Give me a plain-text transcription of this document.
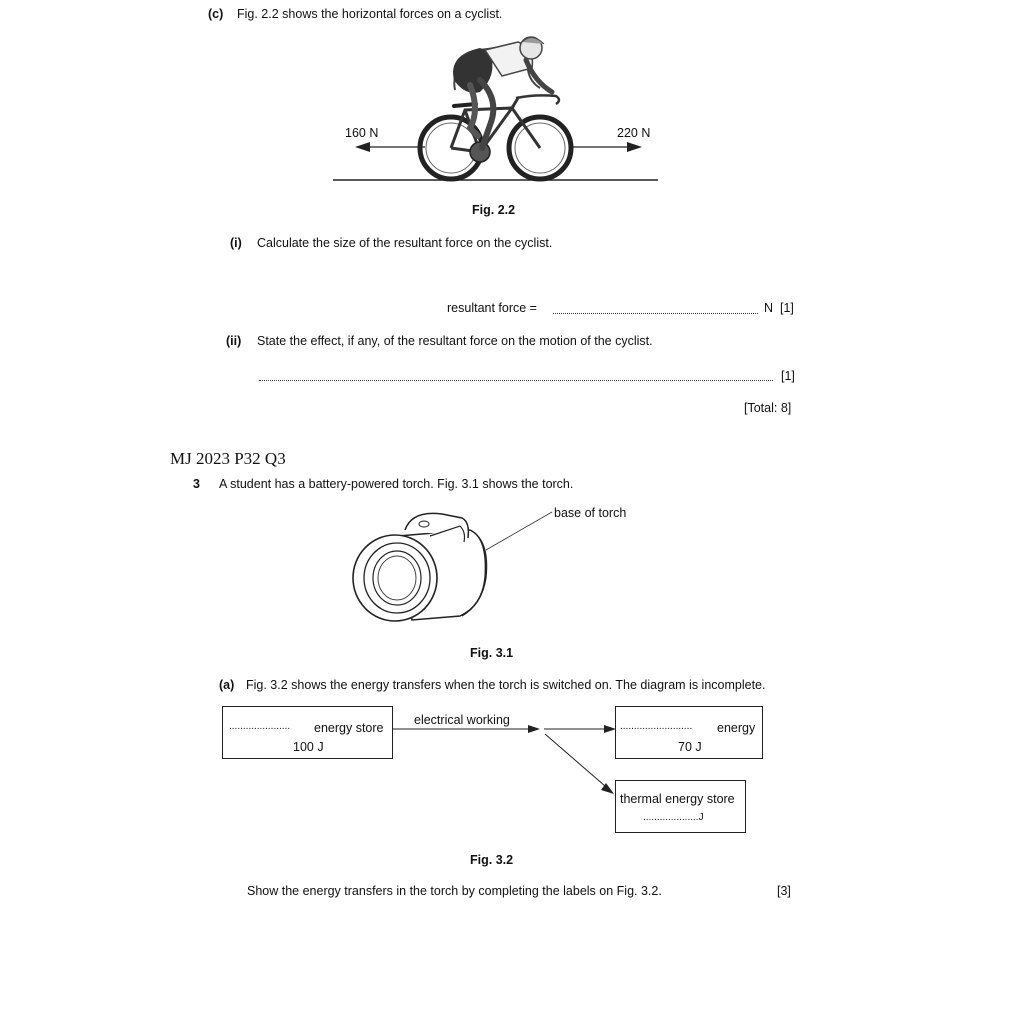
(c) Fig. 2.2 shows the horizontal forces on a cyclist.
160 N	220 N
Fig. 2.2
(i) Calculate the size of the resultant force on the cyclist.
resultant force =	N [1]
(ii) State the effect, if any, of the resultant force on the motion of the cyclist.
[1]
[Total: 8]
MJ 2023 P32 Q3
3 A student has a battery-powered torch. Fig. 3.1 shows the torch.
base of torch
Fig. 3.1
(a) Fig. 3.2 shows the energy transfers when the torch is switched on. The diagram is incomplete.
...................... energy store
100 J
electrical working	.......................... energy
70 J
thermal energy store
....................J
Fig. 3.2
Show the energy transfers in the torch by completing the labels on Fig. 3.2.	[3]
